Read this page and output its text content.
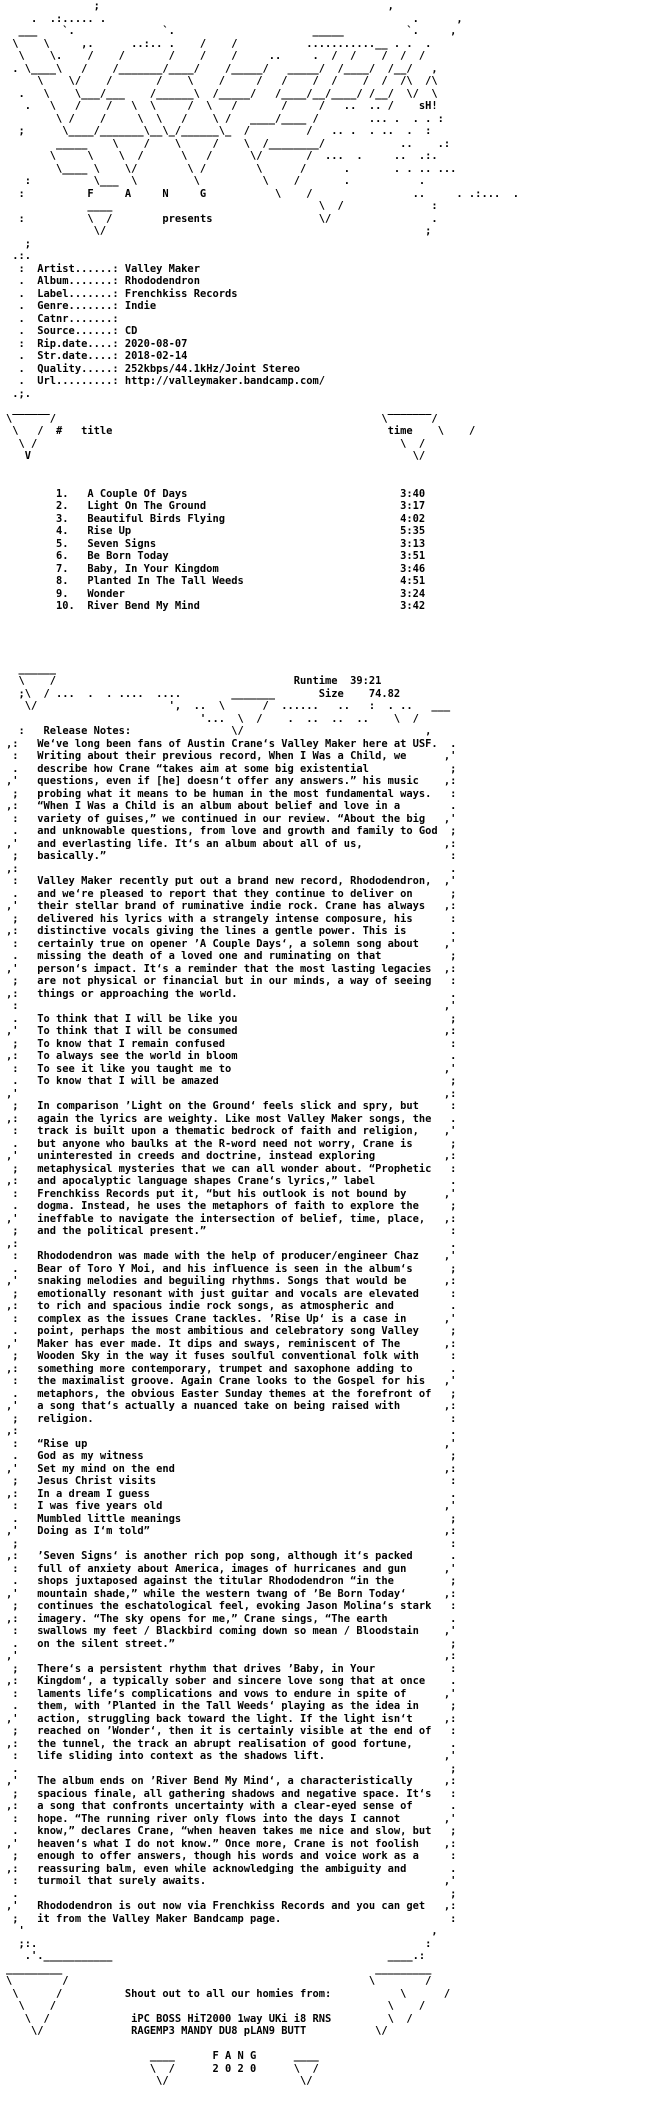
;                                              ,
.  .:..... .                                                 .      ,
___    `.              `.                      _____          `.     ,
\    \     ,.      ..:.. .    /    /           ...........__ . .  .
\    \.    /    /       /    /    /     ..     .  /  /    /  /  /
. \____\   /    /_______/____/    /_____/   _____/  /____/  /__/   ,
\    \/    /       /    \    /     /   /    /  /    /  /  /\  /\
.   \    \___/___    /______\  /_____/   /____/__/____/ /__/  \/  \
.   \   /    /   \  \     /  \   /       /     /   ..  .. /    sH!
\ /    /     \  \   /    \ /   ____/____ /        ... .  . . :
;      \____/_______\__\_/______\_  /         /   .. .  . ..  .  :
_____    \    /    \     /    \  /________/            ..    .:
\     \    \  /      \   /      \/       /  ...  .     ..  .:.
\____ \    \/        \ /        \      /      .       . . .. ...
:          \___  \         \          \    /       .           .
:          F     A     N     G           \    /                ..     . .:...  .
____                                 \  /              :
:          \  /        presents                 \/                .
\/                                                   ;
;
.:.
:  Artist......: Valley Maker
.  Album.......: Rhododendron
.  Label.......: Frenchkiss Records
.  Genre.......: Indie
.  Catnr.......:
.  Source......: CD
:  Rip.date....: 2020-08-07
.  Str.date....: 2018-02-14
.  Quality.....: 252kbps/44.1kHz/Joint Stereo
.  Url.........: http://valleymaker.bandcamp.com/
.;.

\‾‾‾‾‾‾/                                                    \‾‾‾‾‾‾‾/
\   /  # title	time    \    /
\ /                                                          \  /
V                                                             \/

1.   A Couple Of Days                                  3:40
2.   Light On The Ground                               3:17
3.   Beautiful Birds Flying                            4:02
4.   Rise Up                                           5:35
5.   Seven Signs                                       3:13
6.   Be Born Today                                     3:51
7.   Baby, In Your Kingdom                             3:46
8.   Planted In The Tall Weeds                         4:51
9.   Wonder                                            3:24
10.  River Bend My Mind                                3:42

______
\    /                                      Runtime  39:21
;\  / ...  .  . ....  ....        _______       Size    74.82
\/                     ',  ..  \      /  ......   ..   :  . ..   ___
'...  \  /    .  ..  ..  ..    \  /
:   Release Notes:                \/                             ,
,:   We‘ve long been fans of Austin Crane‘s Valley Maker here at USF.  .
:   Writing about their previous record, When I Was a Child, we      ,'
.   describe how Crane “takes aim at some big existential             ;
,'   questions, even if [he] doesn‘t offer any answers.” his music    ,:
;   probing what it means to be human in the most fundamental ways.   :
,:   “When I Was a Child is an album about belief and love in a        .
:   variety of guises,” we continued in our review. “About the big   ,'
.   and unknowable questions, from love and growth and family to God  ;
,'   and everlasting life. It‘s an album about all of us,             ,:
;   basically.”                                                       :
,:	.
:   Valley Maker recently put out a brand new record, Rhododendron,  ,'
.   and we‘re pleased to report that they continue to deliver on      ;
,'   their stellar brand of ruminative indie rock. Crane has always   ,:
;   delivered his lyrics with a strangely intense composure, his      :
,:   distinctive vocals giving the lines a gentle power. This is       .
:   certainly true on opener ’A Couple Days‘, a solemn song about    ,'
.   missing the death of a loved one and ruminating on that           ;
,'   person‘s impact. It‘s a reminder that the most lasting legacies  ,:
;   are not physical or financial but in our minds, a way of seeing   :
,:   things or approaching the world.                                  .
:	,'
.   To think that I will be like you                                  ;
,'   To think that I will be consumed                                 ,:
;   To know that I remain confused                                    :
,:   To always see the world in bloom                                  .
:   To see it like you taught me to                                  ,'
.   To know that I will be amazed                                     ;
,'	,:
;   In comparison ’Light on the Ground‘ feels slick and spry, but     :
,:   again the lyrics are weighty. Like most Valley Maker songs, the   .
:   track is built upon a thematic bedrock of faith and religion,    ,'
.   but anyone who baulks at the R-word need not worry, Crane is      ;
,'   uninterested in creeds and doctrine, instead exploring           ,:
;   metaphysical mysteries that we can all wonder about. “Prophetic   :
,:   and apocalyptic language shapes Crane‘s lyrics,” label            .
:   Frenchkiss Records put it, “but his outlook is not bound by      ,'
.   dogma. Instead, he uses the metaphors of faith to explore the     ;
,'   ineffable to navigate the intersection of belief, time, place,   ,:
;   and the political present.”                                       :
,:	.
:   Rhododendron was made with the help of producer/engineer Chaz    ,'
.   Bear of Toro Y Moi, and his influence is seen in the album‘s      ;
,'   snaking melodies and beguiling rhythms. Songs that would be      ,:
;   emotionally resonant with just guitar and vocals are elevated     :
,:   to rich and spacious indie rock songs, as atmospheric and         .
:   complex as the issues Crane tackles. ’Rise Up‘ is a case in      ,'
.   point, perhaps the most ambitious and celebratory song Valley     ;
,'   Maker has ever made. It dips and sways, reminiscent of The       ,:
;   Wooden Sky in the way it fuses soulful conventional folk with     :
,:   something more contemporary, trumpet and saxophone adding to      .
:   the maximalist groove. Again Crane looks to the Gospel for his   ,'
.   metaphors, the obvious Easter Sunday themes at the forefront of   ;
,'   a song that‘s actually a nuanced take on being raised with       ,:
;   religion.                                                         :
,:	.
:   “Rise up                                                         ,'
.   God as my witness                                                 ;
,'   Set my mind on the end                                           ,:
;   Jesus Christ visits                                               :
,:   In a dream I guess                                                .
:   I was five years old                                             ,'
.   Mumbled little meanings                                           ;
,'   Doing as I‘m told”                                               ,:
;	:
,:   ’Seven Signs‘ is another rich pop song, although it‘s packed      .
:   full of anxiety about America, images of hurricanes and gun      ,'
.   shops juxtaposed against the titular Rhododendron “in the         ;
,'   mountain shade,” while the western twang of ’Be Born Today‘      ,:
;   continues the eschatological feel, evoking Jason Molina‘s stark   :
,:   imagery. “The sky opens for me,” Crane sings, “The earth          .
:   swallows my feet / Blackbird coming down so mean / Bloodstain    ,'
.   on the silent street.”                                            ;
,'	,:
;   There‘s a persistent rhythm that drives ’Baby, in Your            :
,:   Kingdom‘, a typically sober and sincere love song that at once    .
:   laments life‘s complications and vows to endure in spite of      ,'
.   them, with ’Planted in the Tall Weeds‘ playing as the idea in     ;
,'   action, struggling back toward the light. If the light isn‘t     ,:
;   reached on ’Wonder‘, then it is certainly visible at the end of   :
,:   the tunnel, the track an abrupt realisation of good fortune,      .
:   life sliding into context as the shadows lift.                   ,'
.	;
,'   The album ends on ’River Bend My Mind‘, a characteristically     ,:
;   spacious finale, all gathering shadows and negative space. It‘s   :
,:   a song that confronts uncertainty with a clear-eyed sense of      .
:   hope. “The running river only flows into the days I cannot       ,'
.   know,” declares Crane, “when heaven takes me nice and slow, but   ;
,'   heaven‘s what I do not know.” Once more, Crane is not foolish    ,:
;   enough to offer answers, though his words and voice work as a     :
,:   reassuring balm, even while acknowledging the ambiguity and       .
:   turmoil that surely awaits.                                      ,'
.	;
,'   Rhododendron is out now via Frenchkiss Records and you can get   ,:
;   it from the Valley Maker Bandcamp page.                           :
'                                                                 ,
;:.                                                              :
.'.___________                                            ____.:
_________                                                  _________
\        /                                                \        /
\      /          Shout out to all our homies from:           \      /
\    /                                                     \    /
\  /             iPC BOSS HiT2000 1way UKi i8 RNS         \  /
\/              RAGEMP3 MANDY DU8 pLAN9 BUTT           \/

____      F A N G      ____
\  /      2 0 2 0      \  /
\/                     \/
